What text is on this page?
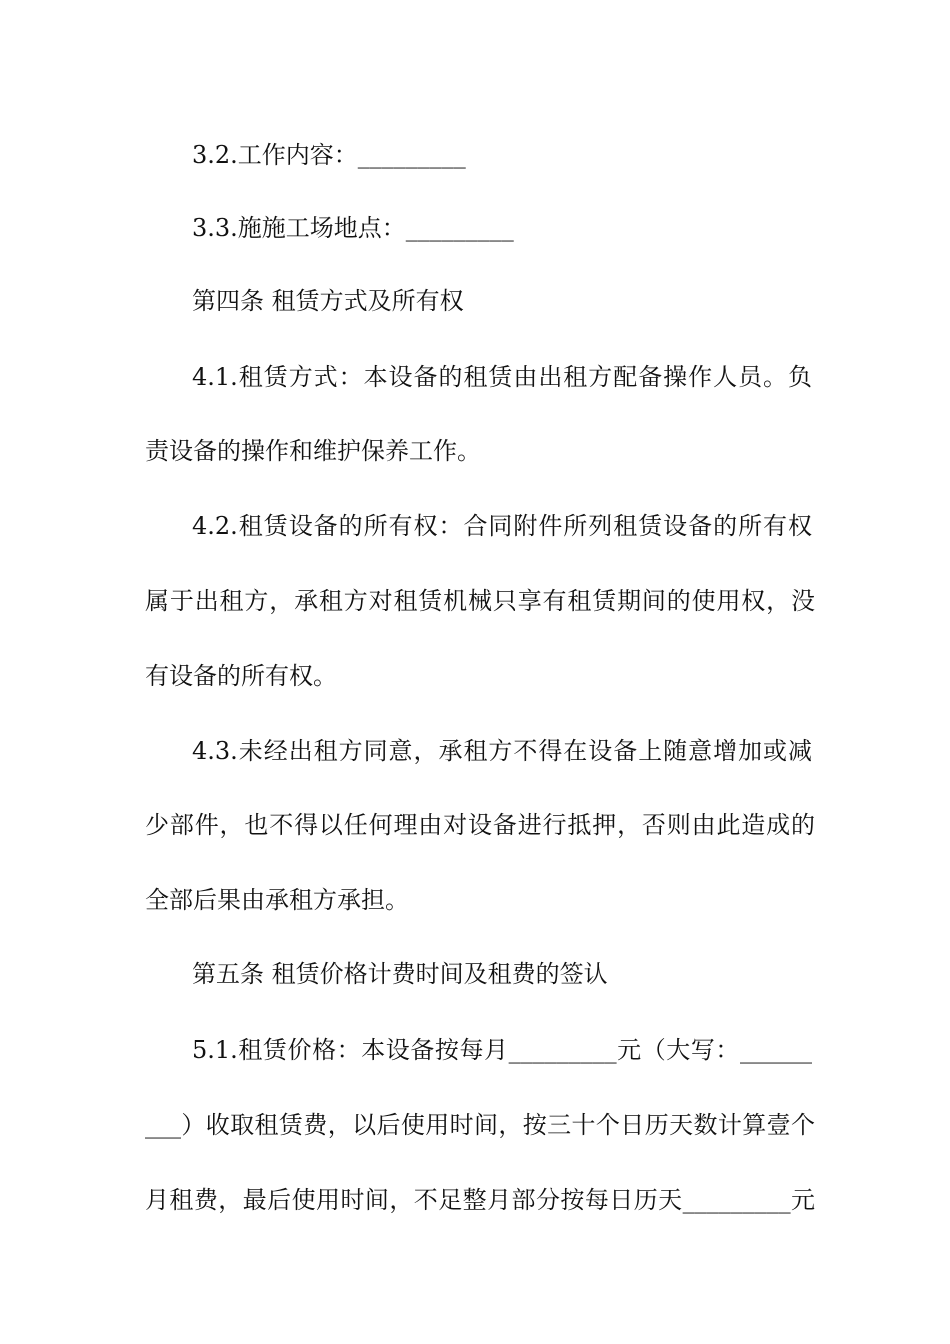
3.2.工作内容：_________
3.3.施施工场地点：_________
第四条 租赁方式及所有权
4.1.租赁方式：本设备的租赁由出租方配备操作人员。负
责设备的操作和维护保养工作。
4.2.租赁设备的所有权：合同附件所列租赁设备的所有权
属于出租方，承租方对租赁机械只享有租赁期间的使用权，没
有设备的所有权。
4.3.未经出租方同意，承租方不得在设备上随意增加或减
少部件，也不得以任何理由对设备进行抵押，否则由此造成的
全部后果由承租方承担。
第五条 租赁价格计费时间及租费的签认
5.1.租赁价格：本设备按每月_________元（大写：______
___）收取租赁费，以后使用时间，按三十个日历天数计算壹个
月租费，最后使用时间，不足整月部分按每日历天_________元
